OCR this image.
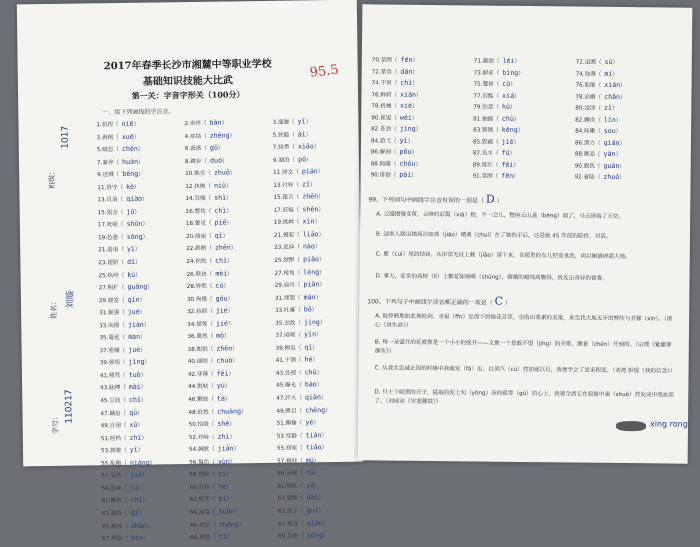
2017年春季长沙市湘麓中等职业学校
基础知识技能大比武
第一关：字音字形关（100分）
95.5
一、给下列画线的字注音。
学号： 110217
姓名： 刘璇
班级：
1017
1.扭捏（ niē）
3.剥削（ xuē）
5.嗔怒（ chēn）
7.豢养（ huàn）
9.迸溅（ bèng）
11.恪守（ kè）
13.讥诮（ qiào）
15.狙击（ jū）
17.吮吸（ shǔn）
19.怂恿（ sǒng）
21.造诣（ yì）
23.提防（ dī）
25.纨绔（ kù）
27.粗犷（ guǎng）
29.寝室（ qǐn）
31.倔强（ jué）
33.间隙（ jiàn）
35.蔓延（ màn）
37.咀嚼（ jué）
39.颈项（ jǐng）
41.唾骂（ tuò）
43.脉搏（ mài）
45.豆豉（ chǐ）
47.龋齿（ qǔ）
49.自诩（ xǔ）
51.桎梏（ zhì）
53.旖旎（ yǐ）
55.酝酿（ niàng）
57.戛然（ jiá）
59.罹难（ lí）
61.鞭笞（ chī）
63.蹊跷（ qī）
65.赡养（ shàn）
67.濒临（ bīn）
2.牵绊（ bàn）
4.症结（ zhēng）
6.蛊惑（ gǔ）
8.踱步（ duó）
10.拙劣（ zhuō）
12.执拗（ niù）
14.吞噬（ shì）
16.整饬（ chì）
18.瞥见（ piē）
20.绮丽（ qǐ）
22.斟酌（ zhēn）
24.炽热（ chì）
26.联袂（ mèi）
28.猝然（ cù）
30.佝偻（ gōu）
32.拮据（ jié）
34.桀骜（ jié）
36.蓦然（ mò）
38.甄别（ zhēn）
40.阔绰（ chuò）
42.菲薄（ fěi）
44.熨帖（ yù）
46.鞭挞（ tà）
48.怆然（ chuàng）
50.拾级（ shè）
52.对峙（ zhì）
54.缄默（ jiān）
56.愠色（ yùn）
58.伺候（ cì）
60.应和（ hè）
62.毗邻（ pí）
64.湍急（ tuān）
66.症状（ zhèng）
68.剔透（ tī）
3.迤逦（ yǐ）
5.狭隘（ ài）
7.骁勇（ xiāo）
9.湖泊（ pō）
11.骈文（ pián）
13.付梓（ zǐ）
15.箴言（ zhēn）
17.妊娠（ shēn）
19.挑衅（ xìn）
21.撩起（ liāo）
23.泥淖（ nào）
25.缥缈（ piāo）
27.棱角（ léng）
29.扁舟（ piān）
31.埋怨（ mán）
33.吐蕃（ bō）
35.劲敌（ jìng）
37.喑哑（ yīn）
39.栖息（ qī）
41.干涸（ hé）
43.处理（ chǔ）
45.曝光（ bào）
47.纤夫（ qiàn）
49.瞠目（ chēng）
51.揶揄（ yé）
53.恬静（ tián）
55.窈窕（ tiǎo）
57.模样（ mú）
59.亲昵（ nì）
61.倾轧（ yà）
63.逮捕（ dài）
65.刽子（ guì）
67.悭吝（ qiān）
69.怂恿（ sǒng）
70.氛围（ fēn）
72.箪食（ dān）
74.不啻（ chì）
76.鲜妍（ xiān）
78.机械（ xiè）
80.崔嵬（ wéi）
82.苍劲（ jìng）
84.游弋（ yì）
86.解剖（ pōu）
88.踌躇（ chóu）
90.徘徊（ pái）
71.羸弱（ léi）
73.摒弃（ bìng）
75.蹙眉（ cù）
77.狡黠（ xiá）
79.怙恶（ hù）
81.抽搐（ chù）
83.铿锵（ kēng）
85.慰藉（ jiè）
87.凫水（ fú）
89.绯红（ fēi）
91.氛围（ fēn）
72.追溯（ sù）
74.弥漫（ mí）
76.船舷（ xián）
78.谄媚（ chǎn）
80.浸渍（ zì）
82.鳞次（ lín）
84.咳嗽（ sou）
86.潜力（ qián）
88.赝品（ yàn）
90.盥洗（ guàn）
92.着陆（ zhuó）
99、下列词句中画线字注音有误的一项是（ D ）
A. 云缝慢慢变黄，云峰的彩霞（xiá）相，不一会儿，整座云山盖（bēng）端了，马云该端了天空。
B. 远别人跟出她高洁如高（jiāo）晴溪（chuí）在了她的手后。这是她 45 年前的陪伴，对话。
C. 鹿（cuì）尾的结锋，从岸洋无征上舰（jiǎo）落下来，在那里的女儿把宽食洗，尚以佩德碎那大地。
D. 事天，家乡的高树（lì）上繁花如锦嵘（shūng），嫦娥的蜡烛高飘得，致发出奇异的香香。
100、下列句子中画线字读音都正确的一项是（ C ）
A. 他停顿地如此地较到，幸福（ffn）定得下的焕花芳草，也给出菜素的美梁，来至我大地无牙的熨吹与芳馨（xīn）。（席心《说生命》）
B. 每一朵盛开的花就像是一个小小的张开——又像一个是敢不望（jīng）的夹歌，激着（zhēn）开刻的。（宗璞《紫藤萝瀑布》）
C. 从我太忠诚正因的时格中我萌发（fā）出，以蒸汽（cú）然初诞以后，我便学会了是来程度。（刘湾·彭琨《我的信念》）
D. 只十个暗黑的日子，猛翁的泥上旬（yòng）杂的孤零（gū）的心上，我被全到它在寂寞中凄（shuò）然发成中流血而了。（刘成余《安塞腰鼓》）
xing rong
